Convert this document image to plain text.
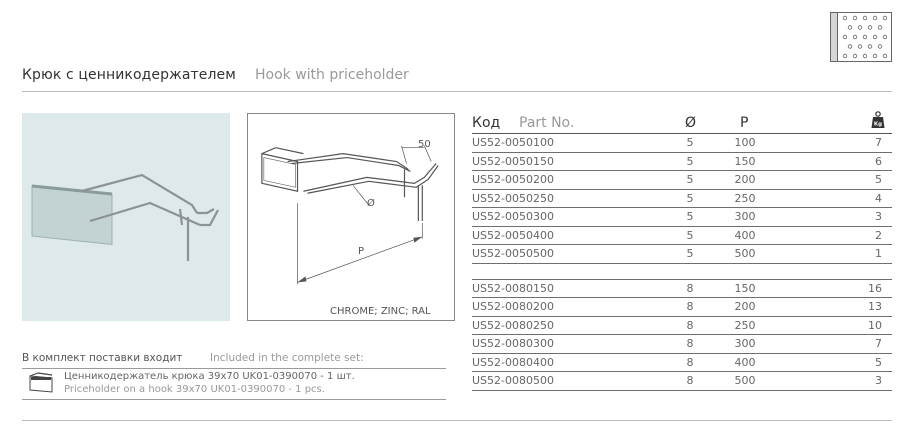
Крюк с ценникодержателем Hook with priceholder
50
Ø
P
CHROME; ZINC; RAL
В комплект поставки входит	Included in the complete set:
Ценникодержатель крюка 39х70 UK01-0390070 - 1 шт.
Priceholder on a hook 39x70 UK01-0390070 - 1 pcs.
Код Part No.	Ø	P	Kg
US52-0050100	5	100	7
US52-0050150	5	150	6
US52-0050200	5	200	5
US52-0050250	5	250	4
US52-0050300	5	300	3
US52-0050400	5	400	2
US52-0050500	5	500	1
US52-0080150	8	150	16
US52-0080200	8	200	13
US52-0080250	8	250	10
US52-0080300	8	300	7
US52-0080400	8	400	5
US52-0080500	8	500	3
